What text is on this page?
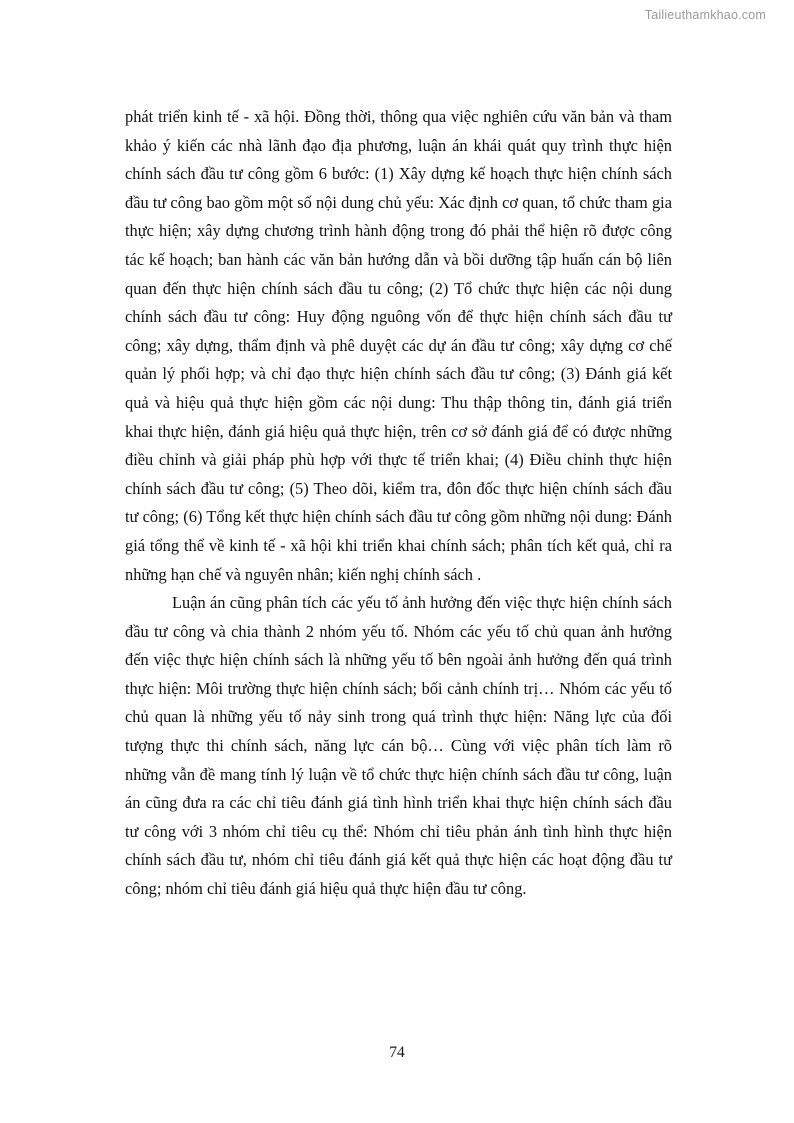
Tailieuthamkhao.com

phát triển kinh tế - xã hội. Đồng thời, thông qua việc nghiên cứu văn bản và tham khảo ý kiến các nhà lãnh đạo địa phương, luận án khái quát quy trình thực hiện chính sách đầu tư công gồm 6 bước: (1) Xây dựng kế hoạch thực hiện chính sách đầu tư công bao gồm một số nội dung chủ yếu: Xác định cơ quan, tổ chức tham gia thực hiện; xây dựng chương trình hành động trong đó phải thể hiện rõ được công tác kế hoạch; ban hành các văn bản hướng dẫn và bồi dưỡng tập huấn cán bộ liên quan đến thực hiện chính sách đầu tu công; (2) Tổ chức thực hiện các nội dung chính sách đầu tư công: Huy động nguông vốn để thực hiện chính sách đầu tư công; xây dựng, thẩm định và phê duyệt các dự án đầu tư công; xây dựng cơ chế quản lý phối hợp; và chỉ đạo thực hiện chính sách đầu tư công; (3) Đánh giá kết quả và hiệu quả thực hiện gồm các nội dung: Thu thập thông tin, đánh giá triển khai thực hiện, đánh giá hiệu quả thực hiện, trên cơ sở đánh giá để có được những điều chỉnh và giải pháp phù hợp với thực tế triển khai; (4) Điều chỉnh thực hiện chính sách đầu tư công; (5) Theo dõi, kiểm tra, đôn đốc thực hiện chính sách đầu tư công; (6) Tổng kết thực hiện chính sách đầu tư công gồm những nội dung: Đánh giá tổng thể về kinh tế - xã hội khi triển khai chính sách; phân tích kết quả, chỉ ra những hạn chế và nguyên nhân; kiến nghị chính sách .

Luận án cũng phân tích các yếu tố ảnh hưởng đến việc thực hiện chính sách đầu tư công và chia thành 2 nhóm yếu tố. Nhóm các yếu tố chủ quan ảnh hưởng đến việc thực hiện chính sách là những yếu tố bên ngoài ảnh hưởng đến quá trình thực hiện: Môi trường thực hiện chính sách; bối cảnh chính trị… Nhóm các yếu tố chủ quan là những yếu tố nảy sinh trong quá trình thực hiện: Năng lực của đối tượng thực thi chính sách, năng lực cán bộ… Cùng với việc phân tích làm rõ những vẫn đề mang tính lý luận về tổ chức thực hiện chính sách đầu tư công, luận án cũng đưa ra các chỉ tiêu đánh giá tình hình triển khai thực hiện chính sách đầu tư công với 3 nhóm chỉ tiêu cụ thể: Nhóm chỉ tiêu phản ánh tình hình thực hiện chính sách đầu tư, nhóm chỉ tiêu đánh giá kết quả thực hiện các hoạt động đầu tư công; nhóm chỉ tiêu đánh giá hiệu quả thực hiện đầu tư công.

74
